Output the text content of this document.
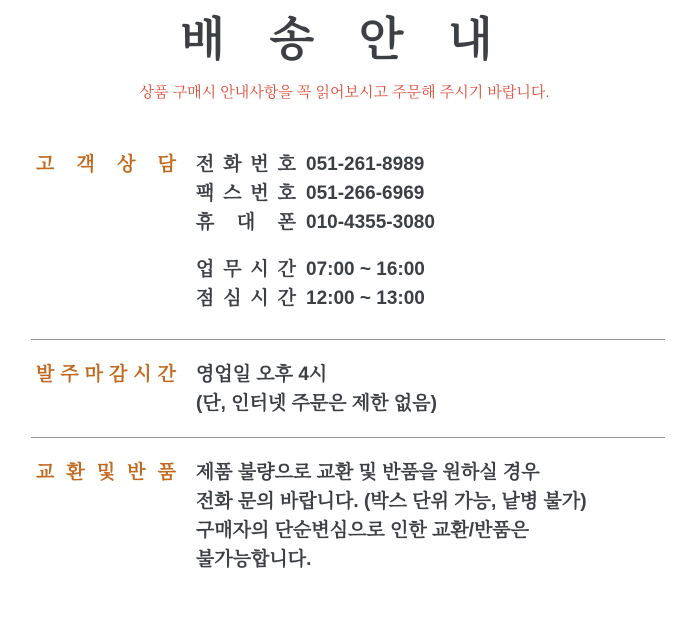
배 송 안 내

상품 구매시 안내사항을 꼭 읽어보시고 주문해 주시기 바랍니다.

고 객 상 담 전 화 번 호 051-261-8989
팩 스 번 호 051-266-6969
휴 대 폰 010-4355-3080
업 무 시 간 07:00 ~ 16:00
점 심 시 간 12:00 ~ 13:00
발 주 마 감 시 간 영업일 오후 4시
(단, 인터넷 주문은 제한 없음)
교 환 및 반 품 제품 불량으로 교환 및 반품을 원하실 경우
전화 문의 바랍니다. (박스 단위 가능, 낱병 불가)
구매자의 단순변심으로 인한 교환/반품은
불가능합니다.
